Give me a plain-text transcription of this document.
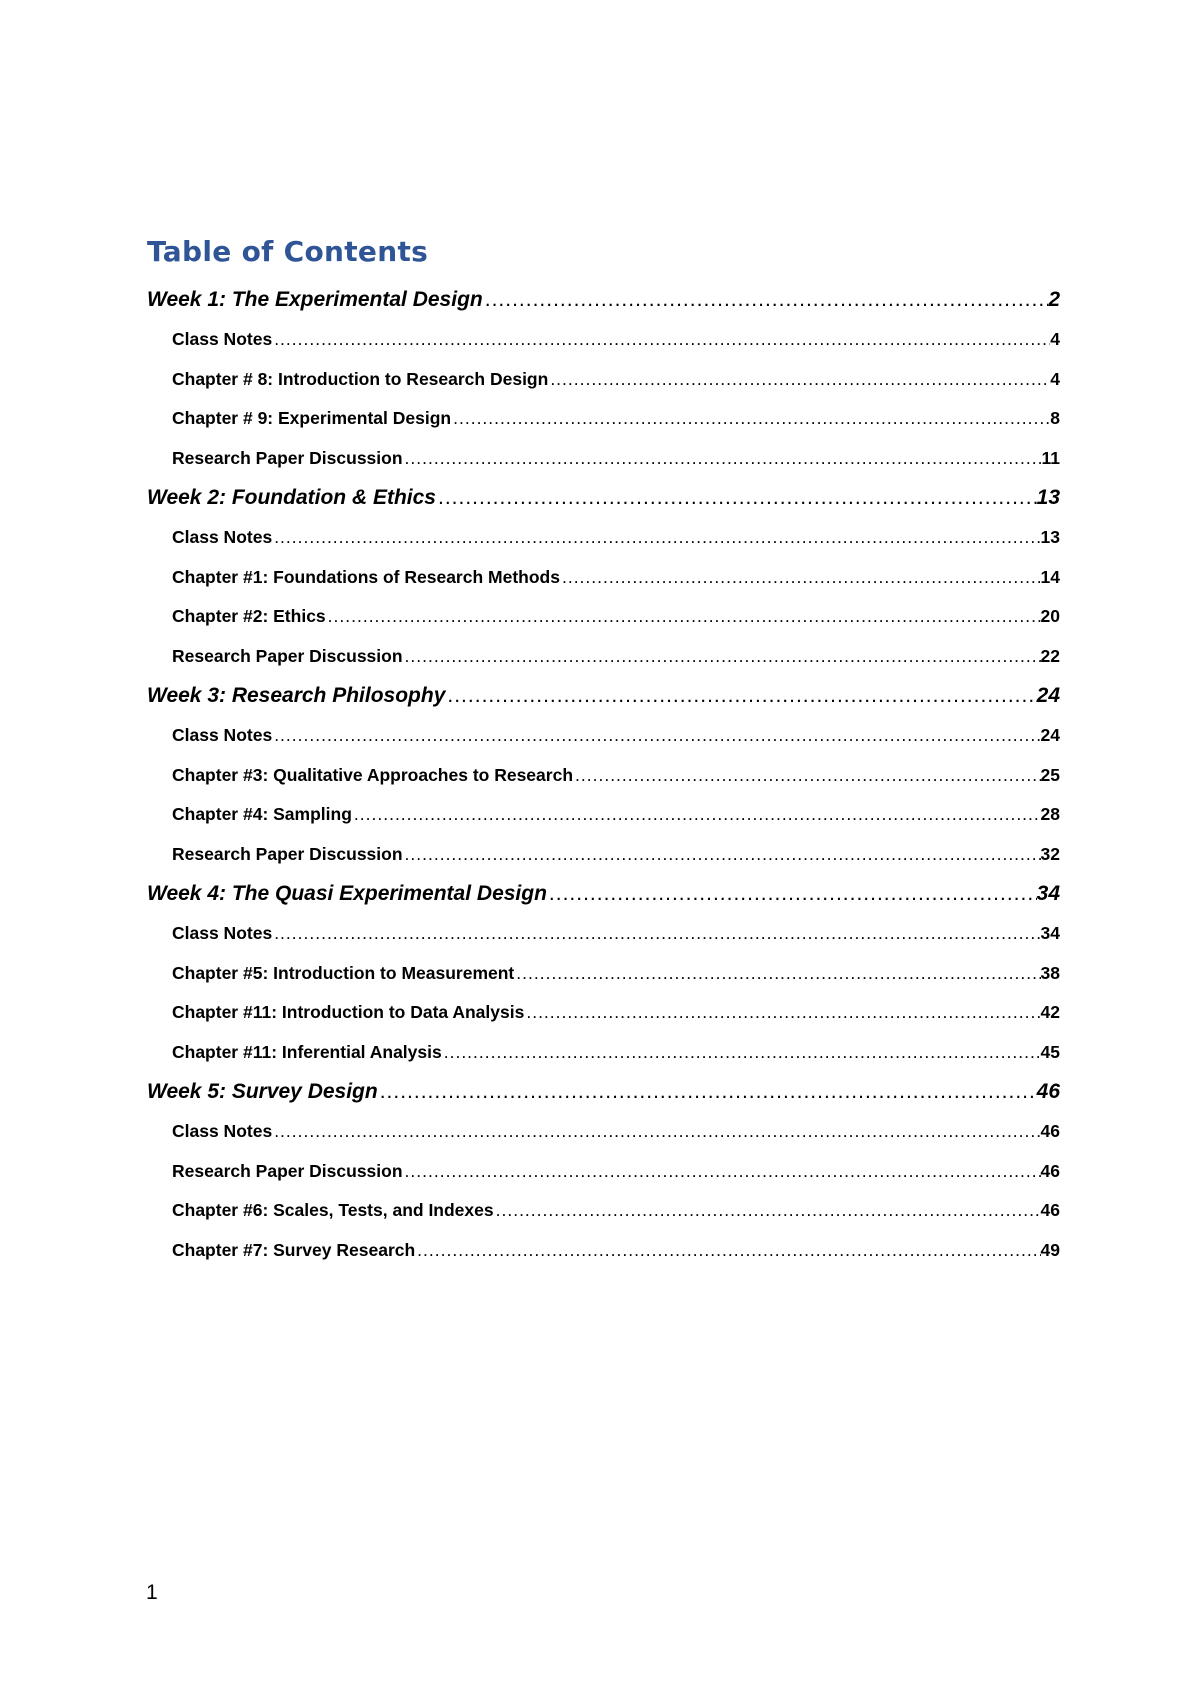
Table of Contents
Week 1: The Experimental Design .....	2
Class Notes .....	4
Chapter # 8: Introduction to Research Design .....	4
Chapter # 9: Experimental Design .....	8
Research Paper Discussion .....	11
Week 2: Foundation & Ethics .....	13
Class Notes .....	13
Chapter #1: Foundations of Research Methods .....	14
Chapter #2: Ethics .....	20
Research Paper Discussion .....	22
Week 3: Research Philosophy .....	24
Class Notes .....	24
Chapter #3: Qualitative Approaches to Research .....	25
Chapter #4: Sampling .....	28
Research Paper Discussion .....	32
Week 4: The Quasi Experimental Design .....	34
Class Notes .....	34
Chapter #5: Introduction to Measurement .....	38
Chapter #11: Introduction to Data Analysis .....	42
Chapter #11: Inferential Analysis .....	45
Week 5: Survey Design .....	46
Class Notes .....	46
Research Paper Discussion .....	46
Chapter #6: Scales, Tests, and Indexes .....	46
Chapter #7: Survey Research .....	49
1
